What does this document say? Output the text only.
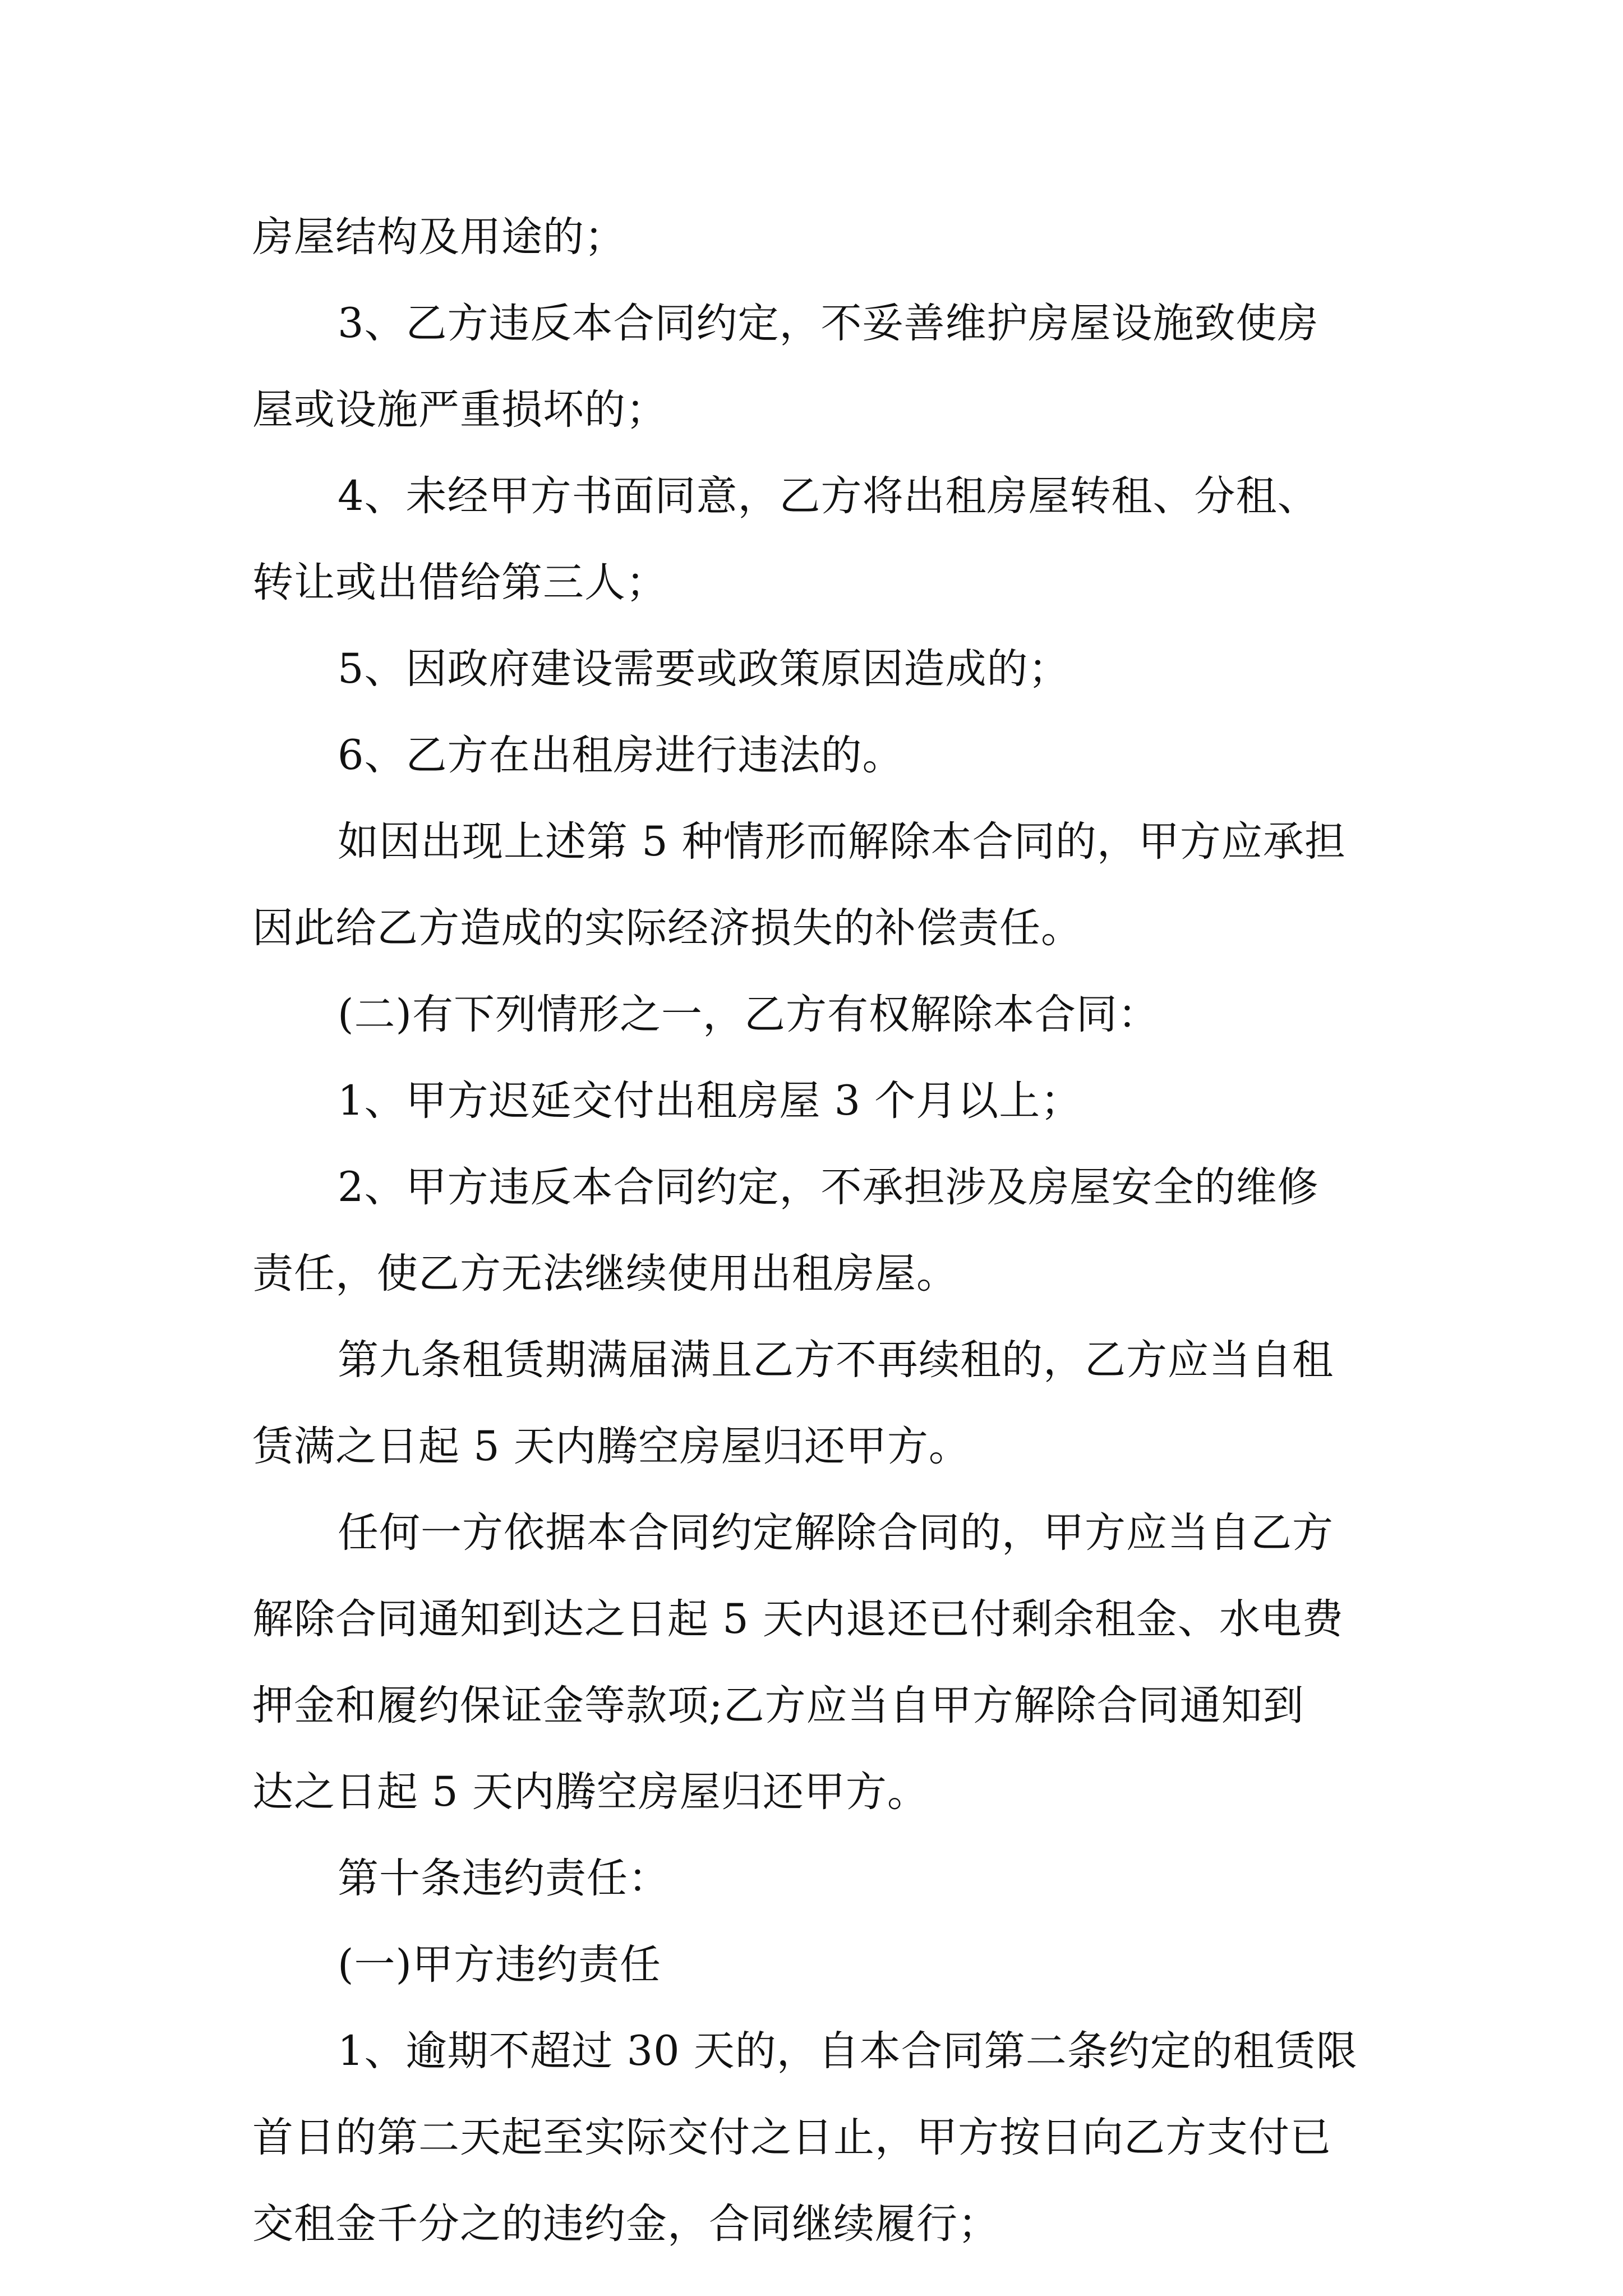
房屋结构及用途的；
3、乙方违反本合同约定，不妥善维护房屋设施致使房
屋或设施严重损坏的；
4、未经甲方书面同意，乙方将出租房屋转租、分租、
转让或出借给第三人；
5、因政府建设需要或政策原因造成的；
6、乙方在出租房进行违法的。
如因出现上述第 5 种情形而解除本合同的，甲方应承担
因此给乙方造成的实际经济损失的补偿责任。
(二)有下列情形之一，乙方有权解除本合同：
1、甲方迟延交付出租房屋 3 个月以上；
2、甲方违反本合同约定，不承担涉及房屋安全的维修
责任，使乙方无法继续使用出租房屋。
第九条租赁期满届满且乙方不再续租的，乙方应当自租
赁满之日起 5 天内腾空房屋归还甲方。
任何一方依据本合同约定解除合同的，甲方应当自乙方
解除合同通知到达之日起 5 天内退还已付剩余租金、水电费
押金和履约保证金等款项;乙方应当自甲方解除合同通知到
达之日起 5 天内腾空房屋归还甲方。
第十条违约责任：
(一)甲方违约责任
1、逾期不超过 30 天的，自本合同第二条约定的租赁限
首日的第二天起至实际交付之日止，甲方按日向乙方支付已
交租金千分之的违约金，合同继续履行；
